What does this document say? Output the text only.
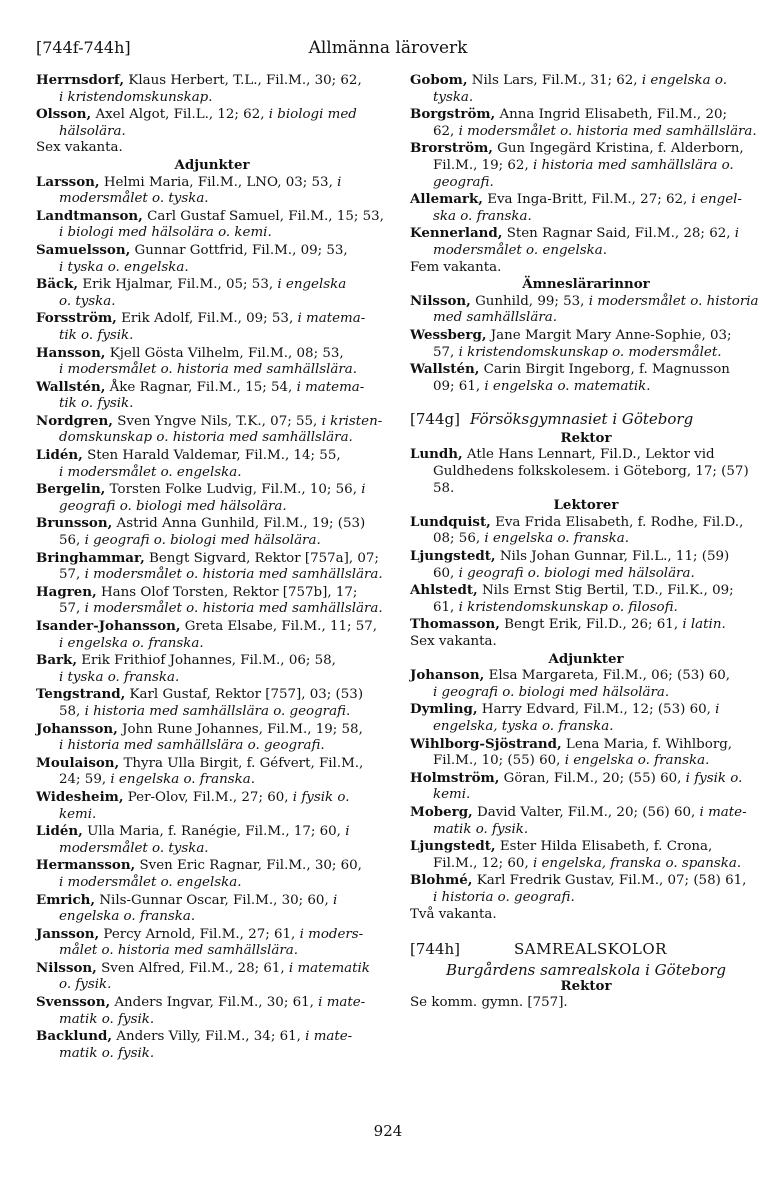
[744f-744h]	Allmänna läroverk
Herrnsdorf, Klaus Herbert, T.L., Fil.M., 30; 62,
i kristendomskunskap.
Olsson, Axel Algot, Fil.L., 12; 62, i biologi med
hälsolära.

Sex vakanta.

Adjunkter

Larsson, Helmi Maria, Fil.M., LNO, 03; 53, i
modersmålet o. tyska.
Landtmanson, Carl Gustaf Samuel, Fil.M., 15; 53,
i biologi med hälsolära o. kemi.
Samuelsson, Gunnar Gottfrid, Fil.M., 09; 53,
i tyska o. engelska.
Bäck, Erik Hjalmar, Fil.M., 05; 53, i engelska
o. tyska.
Forsström, Erik Adolf, Fil.M., 09; 53, i matema-
tik o. fysik.
Hansson, Kjell Gösta Vilhelm, Fil.M., 08; 53,
i modersmålet o. historia med samhällslära.
Wallstén, Åke Ragnar, Fil.M., 15; 54, i matema-
tik o. fysik.
Nordgren, Sven Yngve Nils, T.K., 07; 55, i kristen-
domskunskap o. historia med samhällslära.
Lidén, Sten Harald Valdemar, Fil.M., 14; 55,
i modersmålet o. engelska.
Bergelin, Torsten Folke Ludvig, Fil.M., 10; 56, i
geografi o. biologi med hälsolära.
Brunsson, Astrid Anna Gunhild, Fil.M., 19; (53)
56, i geografi o. biologi med hälsolära.
Bringhammar, Bengt Sigvard, Rektor [757a], 07;
57, i modersmålet o. historia med samhällslära.
Hagren, Hans Olof Torsten, Rektor [757b], 17;
57, i modersmålet o. historia med samhällslära.
Isander-Johansson, Greta Elsabe, Fil.M., 11; 57,
i engelska o. franska.
Bark, Erik Frithiof Johannes, Fil.M., 06; 58,
i tyska o. franska.
Tengstrand, Karl Gustaf, Rektor [757], 03; (53)
58, i historia med samhällslära o. geografi.
Johansson, John Rune Johannes, Fil.M., 19; 58,
i historia med samhällslära o. geografi.
Moulaison, Thyra Ulla Birgit, f. Géfvert, Fil.M.,
24; 59, i engelska o. franska.
Widesheim, Per-Olov, Fil.M., 27; 60, i fysik o.
kemi.
Lidén, Ulla Maria, f. Ranégie, Fil.M., 17; 60, i
modersmålet o. tyska.
Hermansson, Sven Eric Ragnar, Fil.M., 30; 60,
i modersmålet o. engelska.
Emrich, Nils-Gunnar Oscar, Fil.M., 30; 60, i
engelska o. franska.
Jansson, Percy Arnold, Fil.M., 27; 61, i moders-
målet o. historia med samhällslära.
Nilsson, Sven Alfred, Fil.M., 28; 61, i matematik
o. fysik.
Svensson, Anders Ingvar, Fil.M., 30; 61, i mate-
matik o. fysik.
Backlund, Anders Villy, Fil.M., 34; 61, i mate-
matik o. fysik.
Gobom, Nils Lars, Fil.M., 31; 62, i engelska o.
tyska.
Borgström, Anna Ingrid Elisabeth, Fil.M., 20;
62, i modersmålet o. historia med samhällslära.
Brorström, Gun Ingegärd Kristina, f. Alderborn,
Fil.M., 19; 62, i historia med samhällslära o.
geografi.
Allemark, Eva Inga-Britt, Fil.M., 27; 62, i engel-
ska o. franska.
Kennerland, Sten Ragnar Said, Fil.M., 28; 62, i
modersmålet o. engelska.

Fem vakanta.

Ämneslärarinnor

Nilsson, Gunhild, 99; 53, i modersmålet o. historia
med samhällslära.
Wessberg, Jane Margit Mary Anne-Sophie, 03;
57, i kristendomskunskap o. modersmålet.
Wallstén, Carin Birgit Ingeborg, f. Magnusson
09; 61, i engelska o. matematik.
[744g] Försöksgymnasiet i Göteborg

Rektor

Lundh, Atle Hans Lennart, Fil.D., Lektor vid
Guldhedens folkskolesem. i Göteborg, 17; (57)
58.

Lektorer

Lundquist, Eva Frida Elisabeth, f. Rodhe, Fil.D.,
08; 56, i engelska o. franska.
Ljungstedt, Nils Johan Gunnar, Fil.L., 11; (59)
60, i geografi o. biologi med hälsolära.
Ahlstedt, Nils Ernst Stig Bertil, T.D., Fil.K., 09;
61, i kristendomskunskap o. filosofi.
Thomasson, Bengt Erik, Fil.D., 26; 61, i latin.

Sex vakanta.

Adjunkter

Johanson, Elsa Margareta, Fil.M., 06; (53) 60,
i geografi o. biologi med hälsolära.
Dymling, Harry Edvard, Fil.M., 12; (53) 60, i
engelska, tyska o. franska.
Wihlborg-Sjöstrand, Lena Maria, f. Wihlborg,
Fil.M., 10; (55) 60, i engelska o. franska.
Holmström, Göran, Fil.M., 20; (55) 60, i fysik o.
kemi.
Moberg, David Valter, Fil.M., 20; (56) 60, i mate-
matik o. fysik.
Ljungstedt, Ester Hilda Elisabeth, f. Crona,
Fil.M., 12; 60, i engelska, franska o. spanska.
Blohmé, Karl Fredrik Gustav, Fil.M., 07; (58) 61,
i historia o. geografi.

Två vakanta.

[744h]	SAMREALSKOLOR
Burgårdens samrealskola i Göteborg

Rektor

Se komm. gymn. [757].

924
